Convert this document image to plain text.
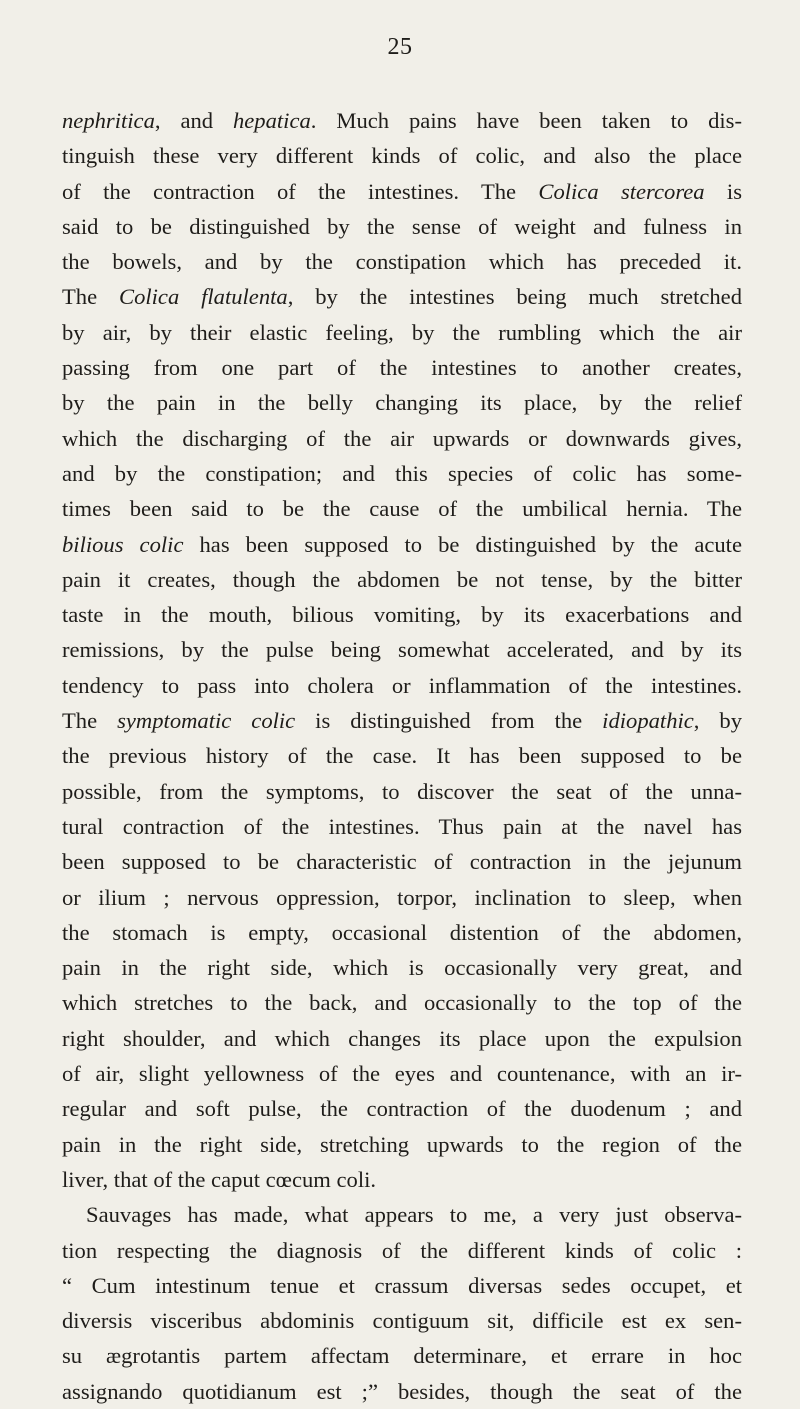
25
nephritica, and hepatica. Much pains have been taken to dis-
tinguish these very different kinds of colic, and also the place
of the contraction of the intestines. The Colica stercorea is
said to be distinguished by the sense of weight and fulness in
the bowels, and by the constipation which has preceded it.
The Colica flatulenta, by the intestines being much stretched
by air, by their elastic feeling, by the rumbling which the air
passing from one part of the intestines to another creates,
by the pain in the belly changing its place, by the relief
which the discharging of the air upwards or downwards gives,
and by the constipation; and this species of colic has some-
times been said to be the cause of the umbilical hernia. The
bilious colic has been supposed to be distinguished by the acute
pain it creates, though the abdomen be not tense, by the bitter
taste in the mouth, bilious vomiting, by its exacerbations and
remissions, by the pulse being somewhat accelerated, and by its
tendency to pass into cholera or inflammation of the intestines.
The symptomatic colic is distinguished from the idiopathic, by
the previous history of the case. It has been supposed to be
possible, from the symptoms, to discover the seat of the unna-
tural contraction of the intestines. Thus pain at the navel has
been supposed to be characteristic of contraction in the jejunum
or ilium ; nervous oppression, torpor, inclination to sleep, when
the stomach is empty, occasional distention of the abdomen,
pain in the right side, which is occasionally very great, and
which stretches to the back, and occasionally to the top of the
right shoulder, and which changes its place upon the expulsion
of air, slight yellowness of the eyes and countenance, with an ir-
regular and soft pulse, the contraction of the duodenum ; and
pain in the right side, stretching upwards to the region of the
liver, that of the caput cœcum coli.
Sauvages has made, what appears to me, a very just observa-
tion respecting the diagnosis of the different kinds of colic :
“ Cum intestinum tenue et crassum diversas sedes occupet, et
diversis visceribus abdominis contiguum sit, difficile est ex sen-
su ægrotantis partem affectam determinare, et errare in hoc
assignando quotidianum est ;” besides, though the seat of the
